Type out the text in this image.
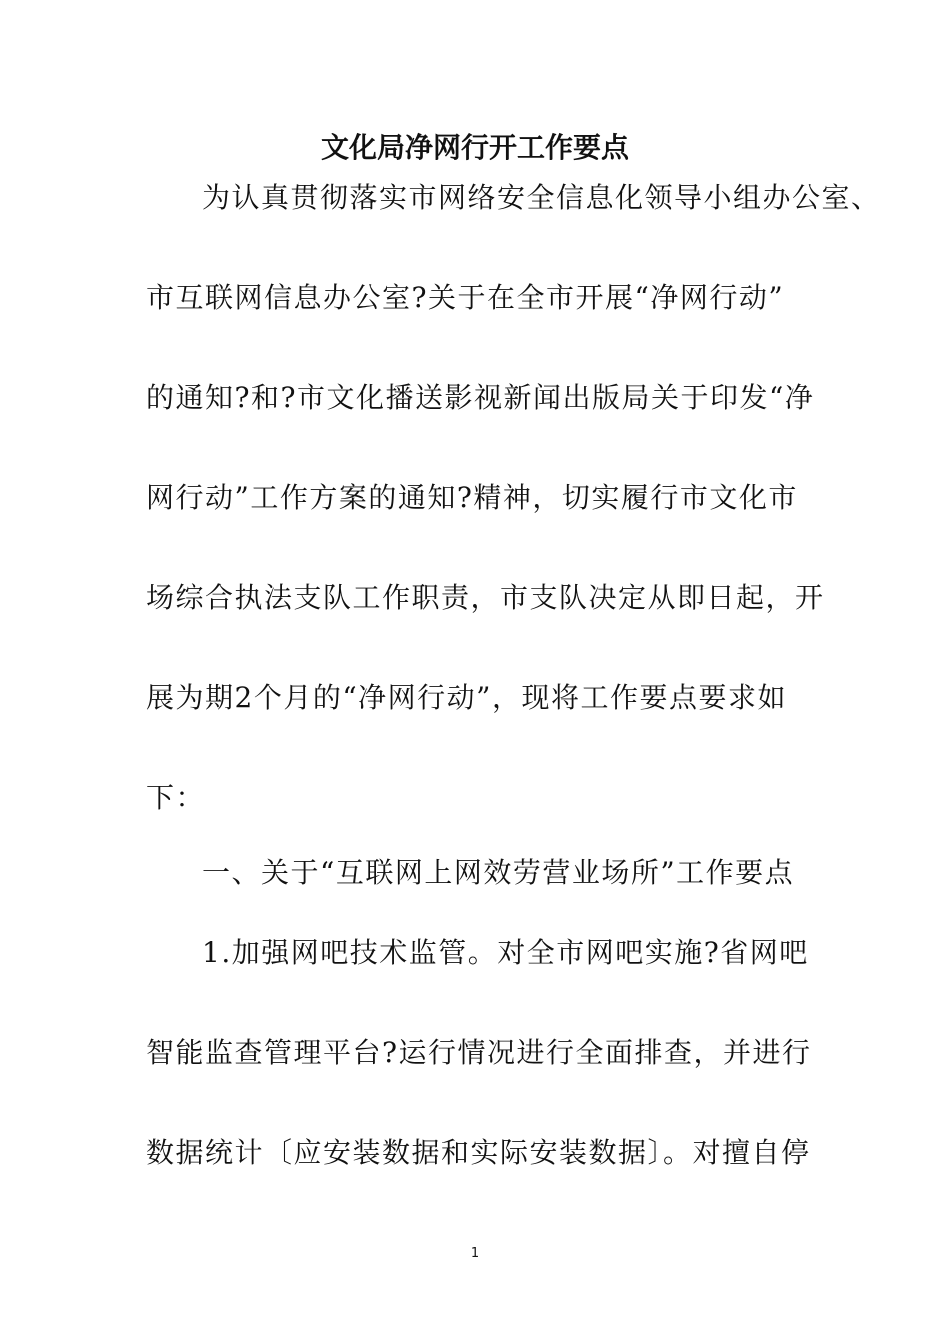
文化局净网行开工作要点
为认真贯彻落实市网络安全信息化领导小组办公室、
市互联网信息办公室?关于在全市开展“净网行动”
的通知?和?市文化播送影视新闻出版局关于印发“净
网行动”工作方案的通知?精神，切实履行市文化市
场综合执法支队工作职责，市支队决定从即日起，开
展为期2个月的“净网行动”，现将工作要点要求如
下：
一、关于“互联网上网效劳营业场所”工作要点
1.加强网吧技术监管。对全市网吧实施?省网吧
智能监查管理平台?运行情况进行全面排查，并进行
数据统计〔应安装数据和实际安装数据〕。对擅自停
1
